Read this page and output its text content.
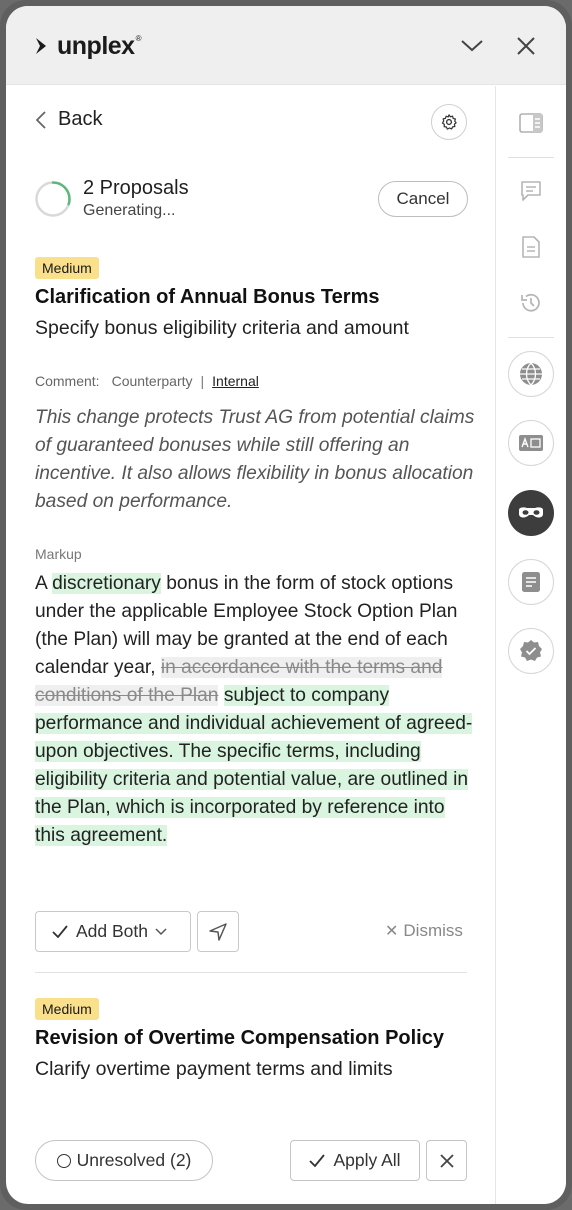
unplex ®
Back
2 Proposals
Generating...
Cancel
Medium
Clarification of Annual Bonus Terms
Specify bonus eligibility criteria and amount
Comment: Counterparty | Internal
This change protects Trust AG from potential claims of guaranteed bonuses while still offering an incentive. It also allows flexibility in bonus allocation based on performance.
Markup
A discretionary bonus in the form of stock options under the applicable Employee Stock Option Plan (the Plan) will may be granted at the end of each calendar year, in accordance with the terms and conditions of the Plan subject to company performance and individual achievement of agreed-upon objectives. The specific terms, including eligibility criteria and potential value, are outlined in the Plan, which is incorporated by reference into this agreement.
Add Both	✕ Dismiss
Medium
Revision of Overtime Compensation Policy
Clarify overtime payment terms and limits
Unresolved (2)	Apply All
